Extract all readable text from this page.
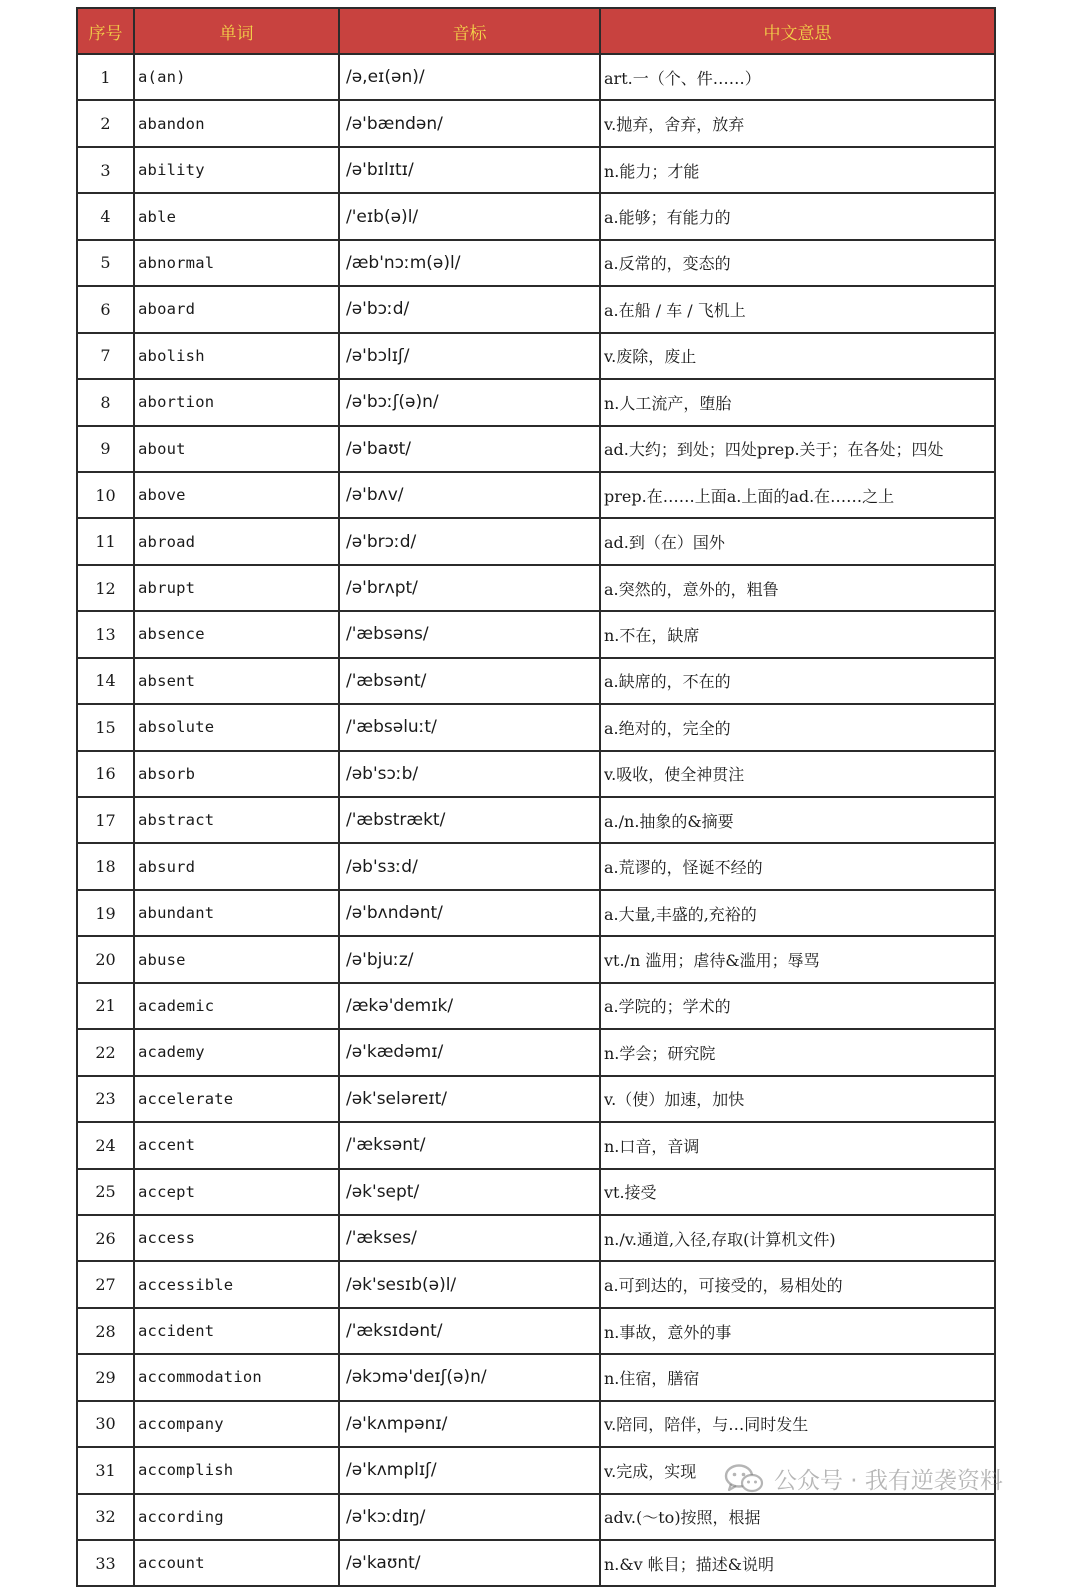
序号	单词	音标	中文意思
1	a(an)	/ə,eɪ(ən)/	art.一（个、件……）
2	abandon	/ə'bændən/	v.抛弃，舍弃，放弃
3	ability	/ə'bɪlɪtɪ/	n.能力；才能
4	able	/'eɪb(ə)l/	a.能够；有能力的
5	abnormal	/æb'nɔːm(ə)l/	a.反常的，变态的
6	aboard	/ə'bɔːd/	a.在船 / 车 / 飞机上
7	abolish	/ə'bɔlɪʃ/	v.废除，废止
8	abortion	/ə'bɔːʃ(ə)n/	n.人工流产，堕胎
9	about	/ə'baʊt/	ad.大约；到处；四处prep.关于；在各处；四处
10	above	/ə'bʌv/	prep.在……上面a.上面的ad.在……之上
11	abroad	/ə'brɔːd/	ad.到（在）国外
12	abrupt	/ə'brʌpt/	a.突然的，意外的，粗鲁
13	absence	/'æbsəns/	n.不在，缺席
14	absent	/'æbsənt/	a.缺席的，不在的
15	absolute	/'æbsəluːt/	a.绝对的，完全的
16	absorb	/əb'sɔːb/	v.吸收，使全神贯注
17	abstract	/'æbstrækt/	a./n.抽象的&摘要
18	absurd	/əb'sɜːd/	a.荒谬的，怪诞不经的
19	abundant	/ə'bʌndənt/	a.大量,丰盛的,充裕的
20	abuse	/ə'bjuːz/	vt./n 滥用；虐待&滥用；辱骂
21	academic	/ækə'demɪk/	a.学院的；学术的
22	academy	/ə'kædəmɪ/	n.学会；研究院
23	accelerate	/ək'seləreɪt/	v.（使）加速，加快
24	accent	/'æksənt/	n.口音，音调
25	accept	/ək'sept/	vt.接受
26	access	/'ækses/	n./v.通道,入径,存取(计算机文件)
27	accessible	/ək'sesɪb(ə)l/	a.可到达的，可接受的，易相处的
28	accident	/'æksɪdənt/	n.事故，意外的事
29	accommodation	/əkɔmə'deɪʃ(ə)n/	n.住宿，膳宿
30	accompany	/ə'kʌmpənɪ/	v.陪同，陪伴，与…同时发生
31	accomplish	/ə'kʌmplɪʃ/	v.完成，实现
32	according	/ə'kɔːdɪŋ/	adv.(～to)按照，根据
33	account	/ə'kaʊnt/	n.&v 帐目；描述&说明
公众号 · 我有逆袭资料
